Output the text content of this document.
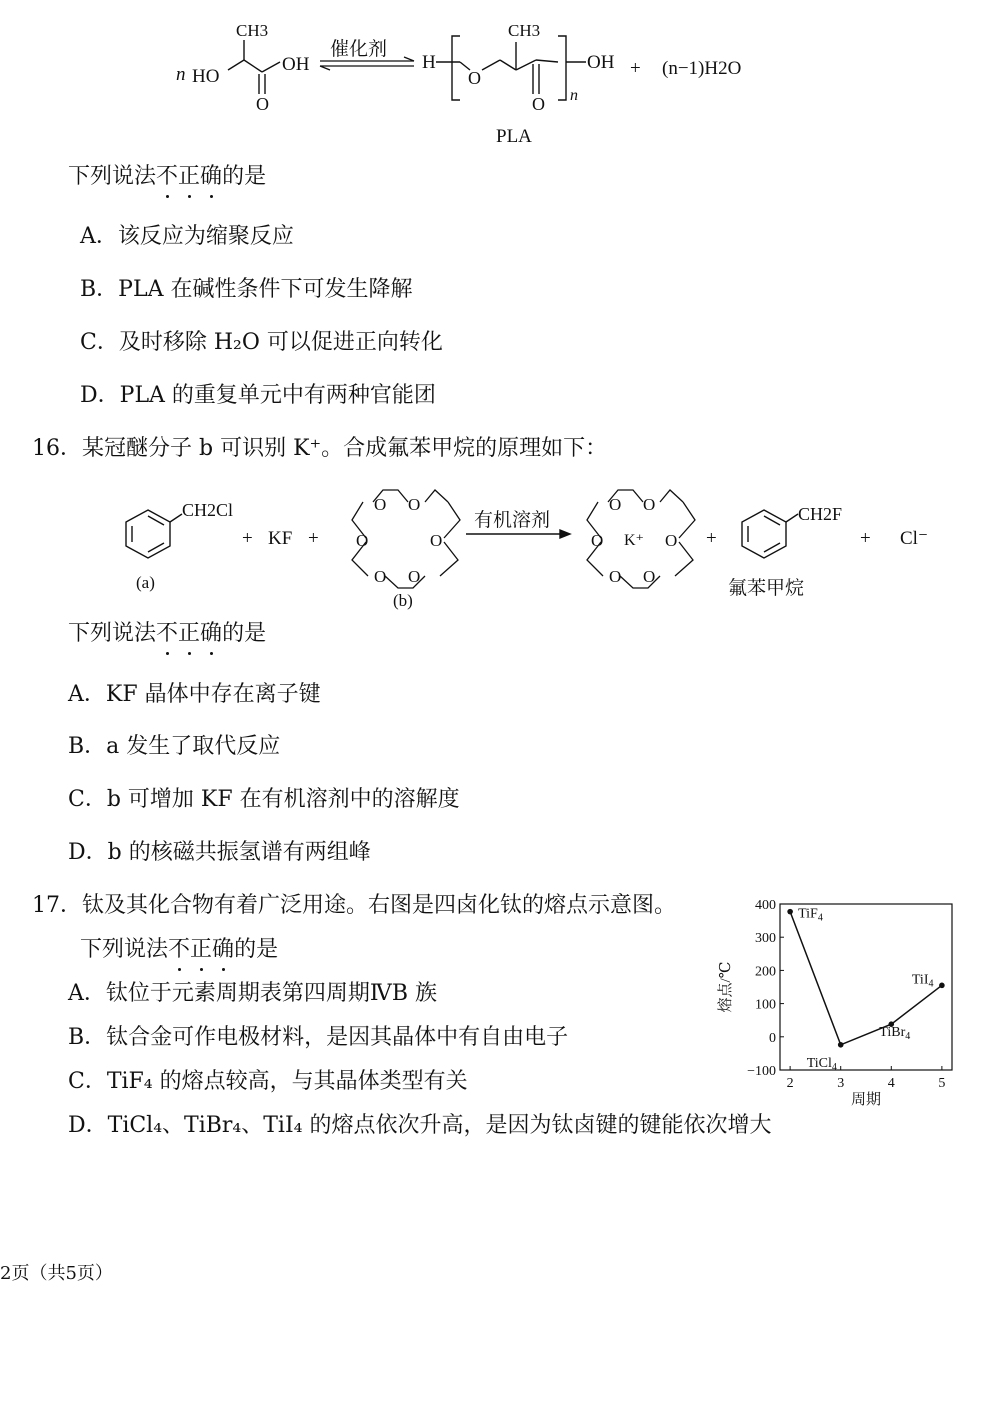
n HO
CH3
OH
O
催化剂
H
CH3
O
O
OH
n
+ (n−1)H2O
PLA
下列说法不正确的是
A．该反应为缩聚反应
B．PLA 在碱性条件下可发生降解
C．及时移除 H₂O 可以促进正向转化
D．PLA 的重复单元中有两种官能团
16．某冠醚分子 b 可识别 K⁺。合成氟苯甲烷的原理如下：
CH2Cl
(a)
+ KF +
O O
O	O
O O
(b)
有机溶剂
O O
O	O
O O
K⁺	+
CH2F
氟苯甲烷
+ Cl⁻
下列说法不正确的是
A．KF 晶体中存在离子键
B．a 发生了取代反应
C．b 可增加 KF 在有机溶剂中的溶解度
D．b 的核磁共振氢谱有两组峰
17．钛及其化合物有着广泛用途。右图是四卤化钛的熔点示意图。
下列说法不正确的是
A．钛位于元素周期表第四周期ⅣB 族
B．钛合金可作电极材料，是因其晶体中有自由电子
C．TiF₄ 的熔点较高，与其晶体类型有关
D．TiCl₄、TiBr₄、TiI₄ 的熔点依次升高，是因为钛卤键的键能依次增大
−100
0
100
200
300
400
2	3	4	5
周期
熔点/℃
TiF$_4$
TiCl$_4$
TiBr$_4$
TiI$_4$
2页（共5页）
